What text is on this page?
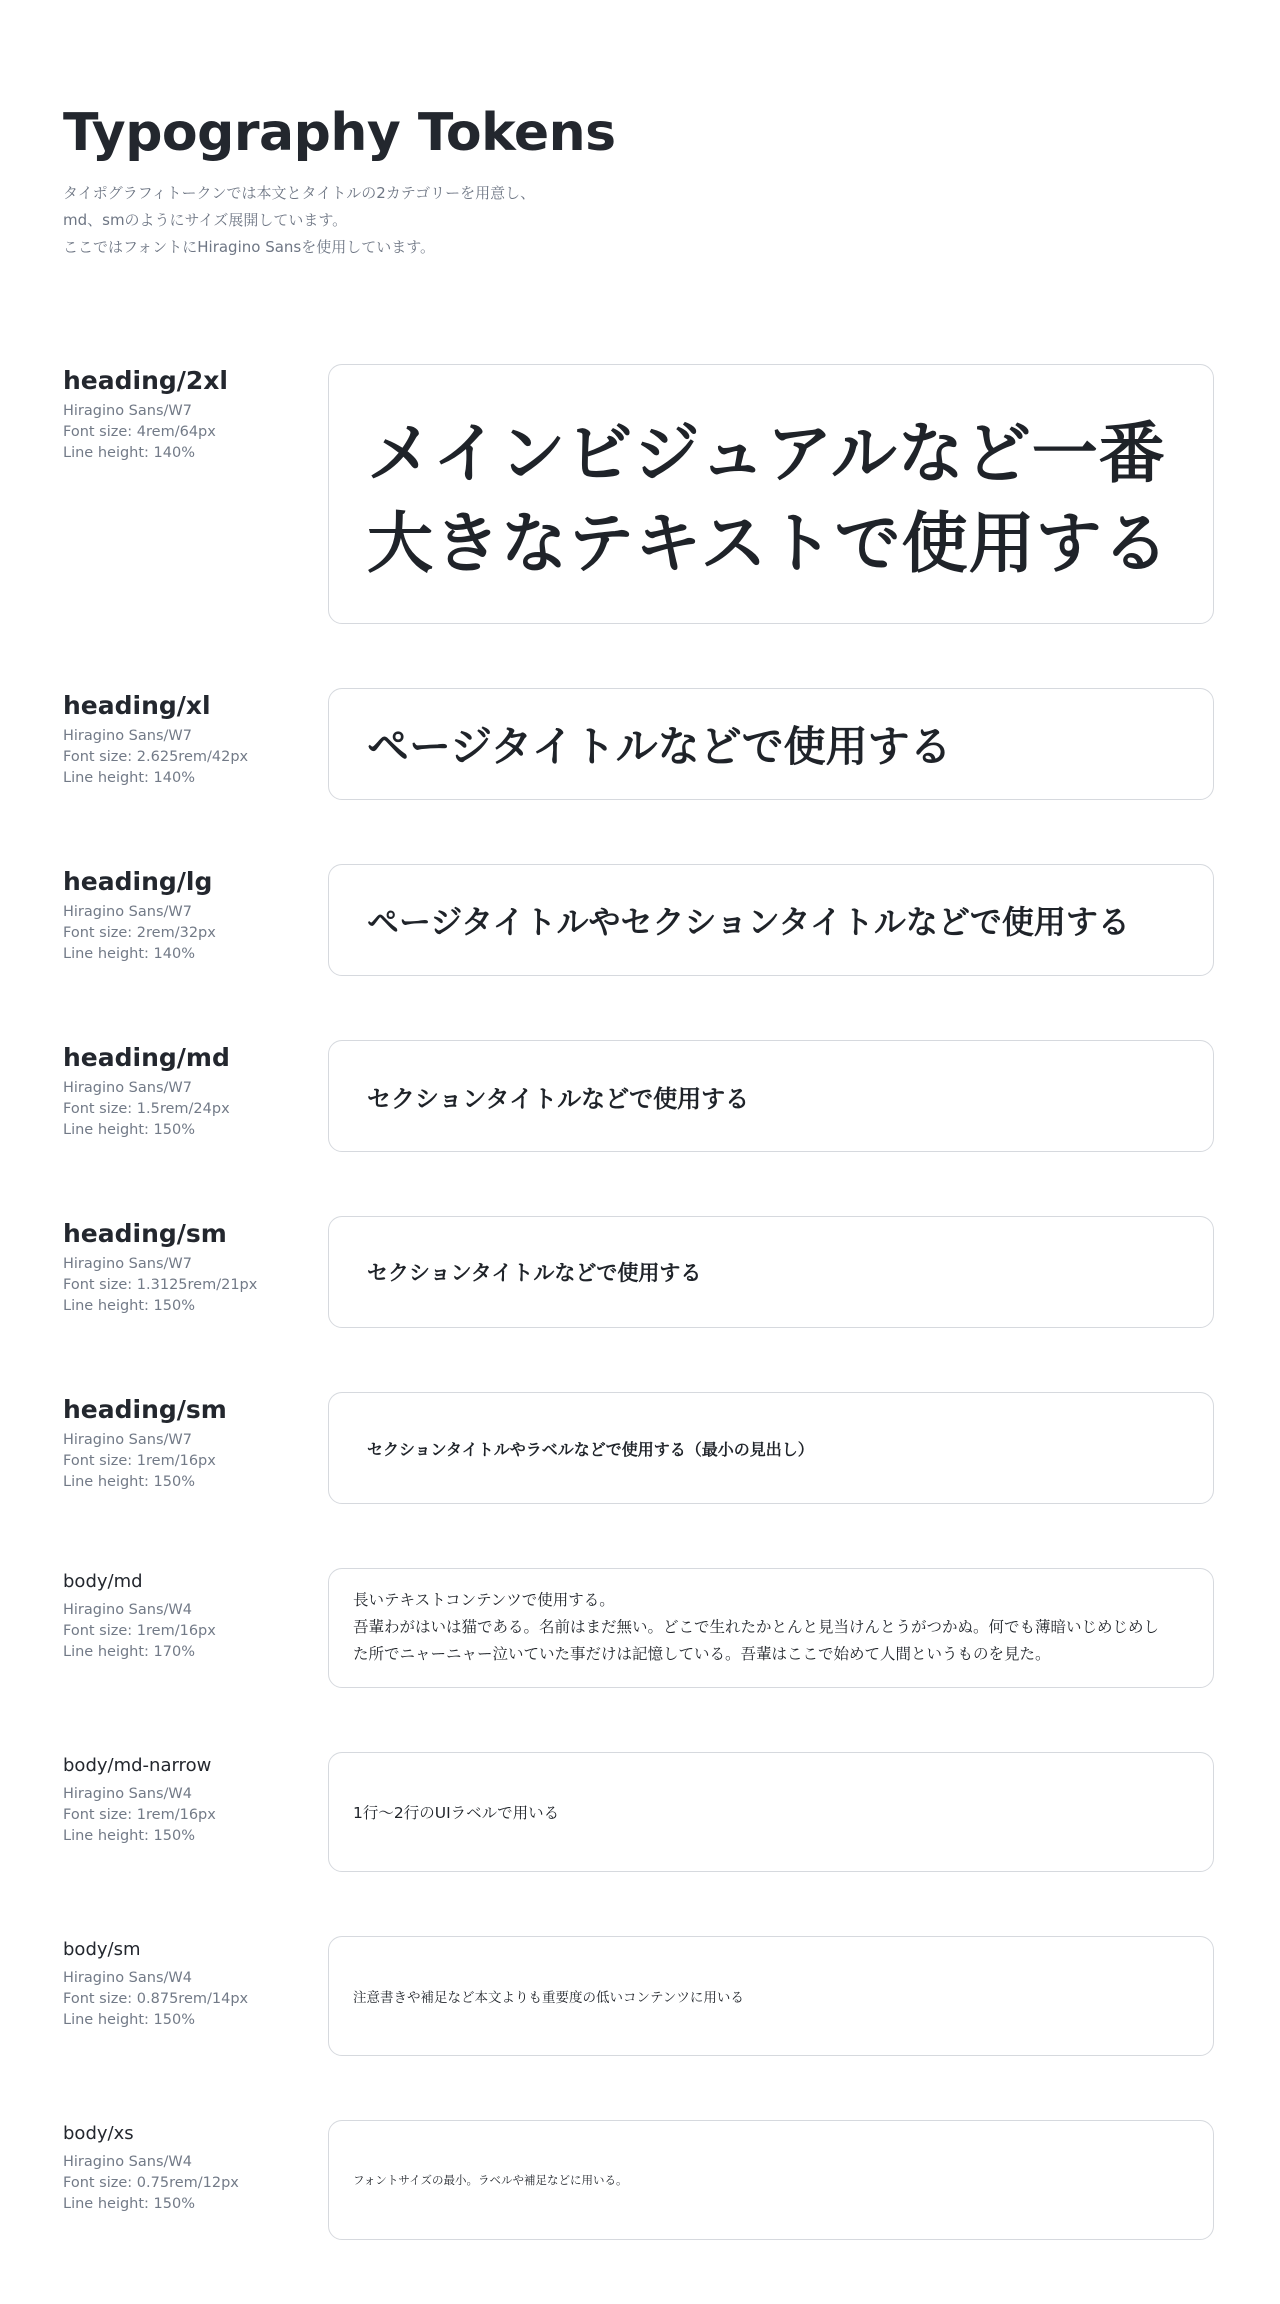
Typography Tokens
タイポグラフィトークンでは本文とタイトルの2カテゴリーを用意し、
md、smのようにサイズ展開しています。
ここではフォントにHiragino Sansを使用しています。
heading/2xl
Hiragino Sans/W7
Font size: 4rem/64px
Line height: 140%	メインビジュアルなど一番
大きなテキストで使用する
heading/xl
Hiragino Sans/W7
Font size: 2.625rem/42px
Line height: 140%
ページタイトルなどで使用する
heading/lg
Hiragino Sans/W7
Font size: 2rem/32px
Line height: 140%
ページタイトルやセクションタイトルなどで使用する
heading/md
Hiragino Sans/W7
Font size: 1.5rem/24px
Line height: 150%
セクションタイトルなどで使用する
heading/sm
Hiragino Sans/W7
Font size: 1.3125rem/21px
Line height: 150%
セクションタイトルなどで使用する
heading/sm
Hiragino Sans/W7
Font size: 1rem/16px
Line height: 150%
セクションタイトルやラベルなどで使用する（最小の見出し）
body/md
Hiragino Sans/W4
Font size: 1rem/16px
Line height: 170%
長いテキストコンテンツで使用する。
吾輩わがはいは猫である。名前はまだ無い。どこで生れたかとんと見当けんとうがつかぬ。何でも薄暗いじめじめし
た所でニャーニャー泣いていた事だけは記憶している。吾輩はここで始めて人間というものを見た。
body/md-narrow
Hiragino Sans/W4
Font size: 1rem/16px
Line height: 150%
1行〜2行のUIラベルで用いる
body/sm
Hiragino Sans/W4
Font size: 0.875rem/14px
Line height: 150%
注意書きや補足など本文よりも重要度の低いコンテンツに用いる
body/xs
Hiragino Sans/W4
Font size: 0.75rem/12px
Line height: 150%
フォントサイズの最小。ラベルや補足などに用いる。
